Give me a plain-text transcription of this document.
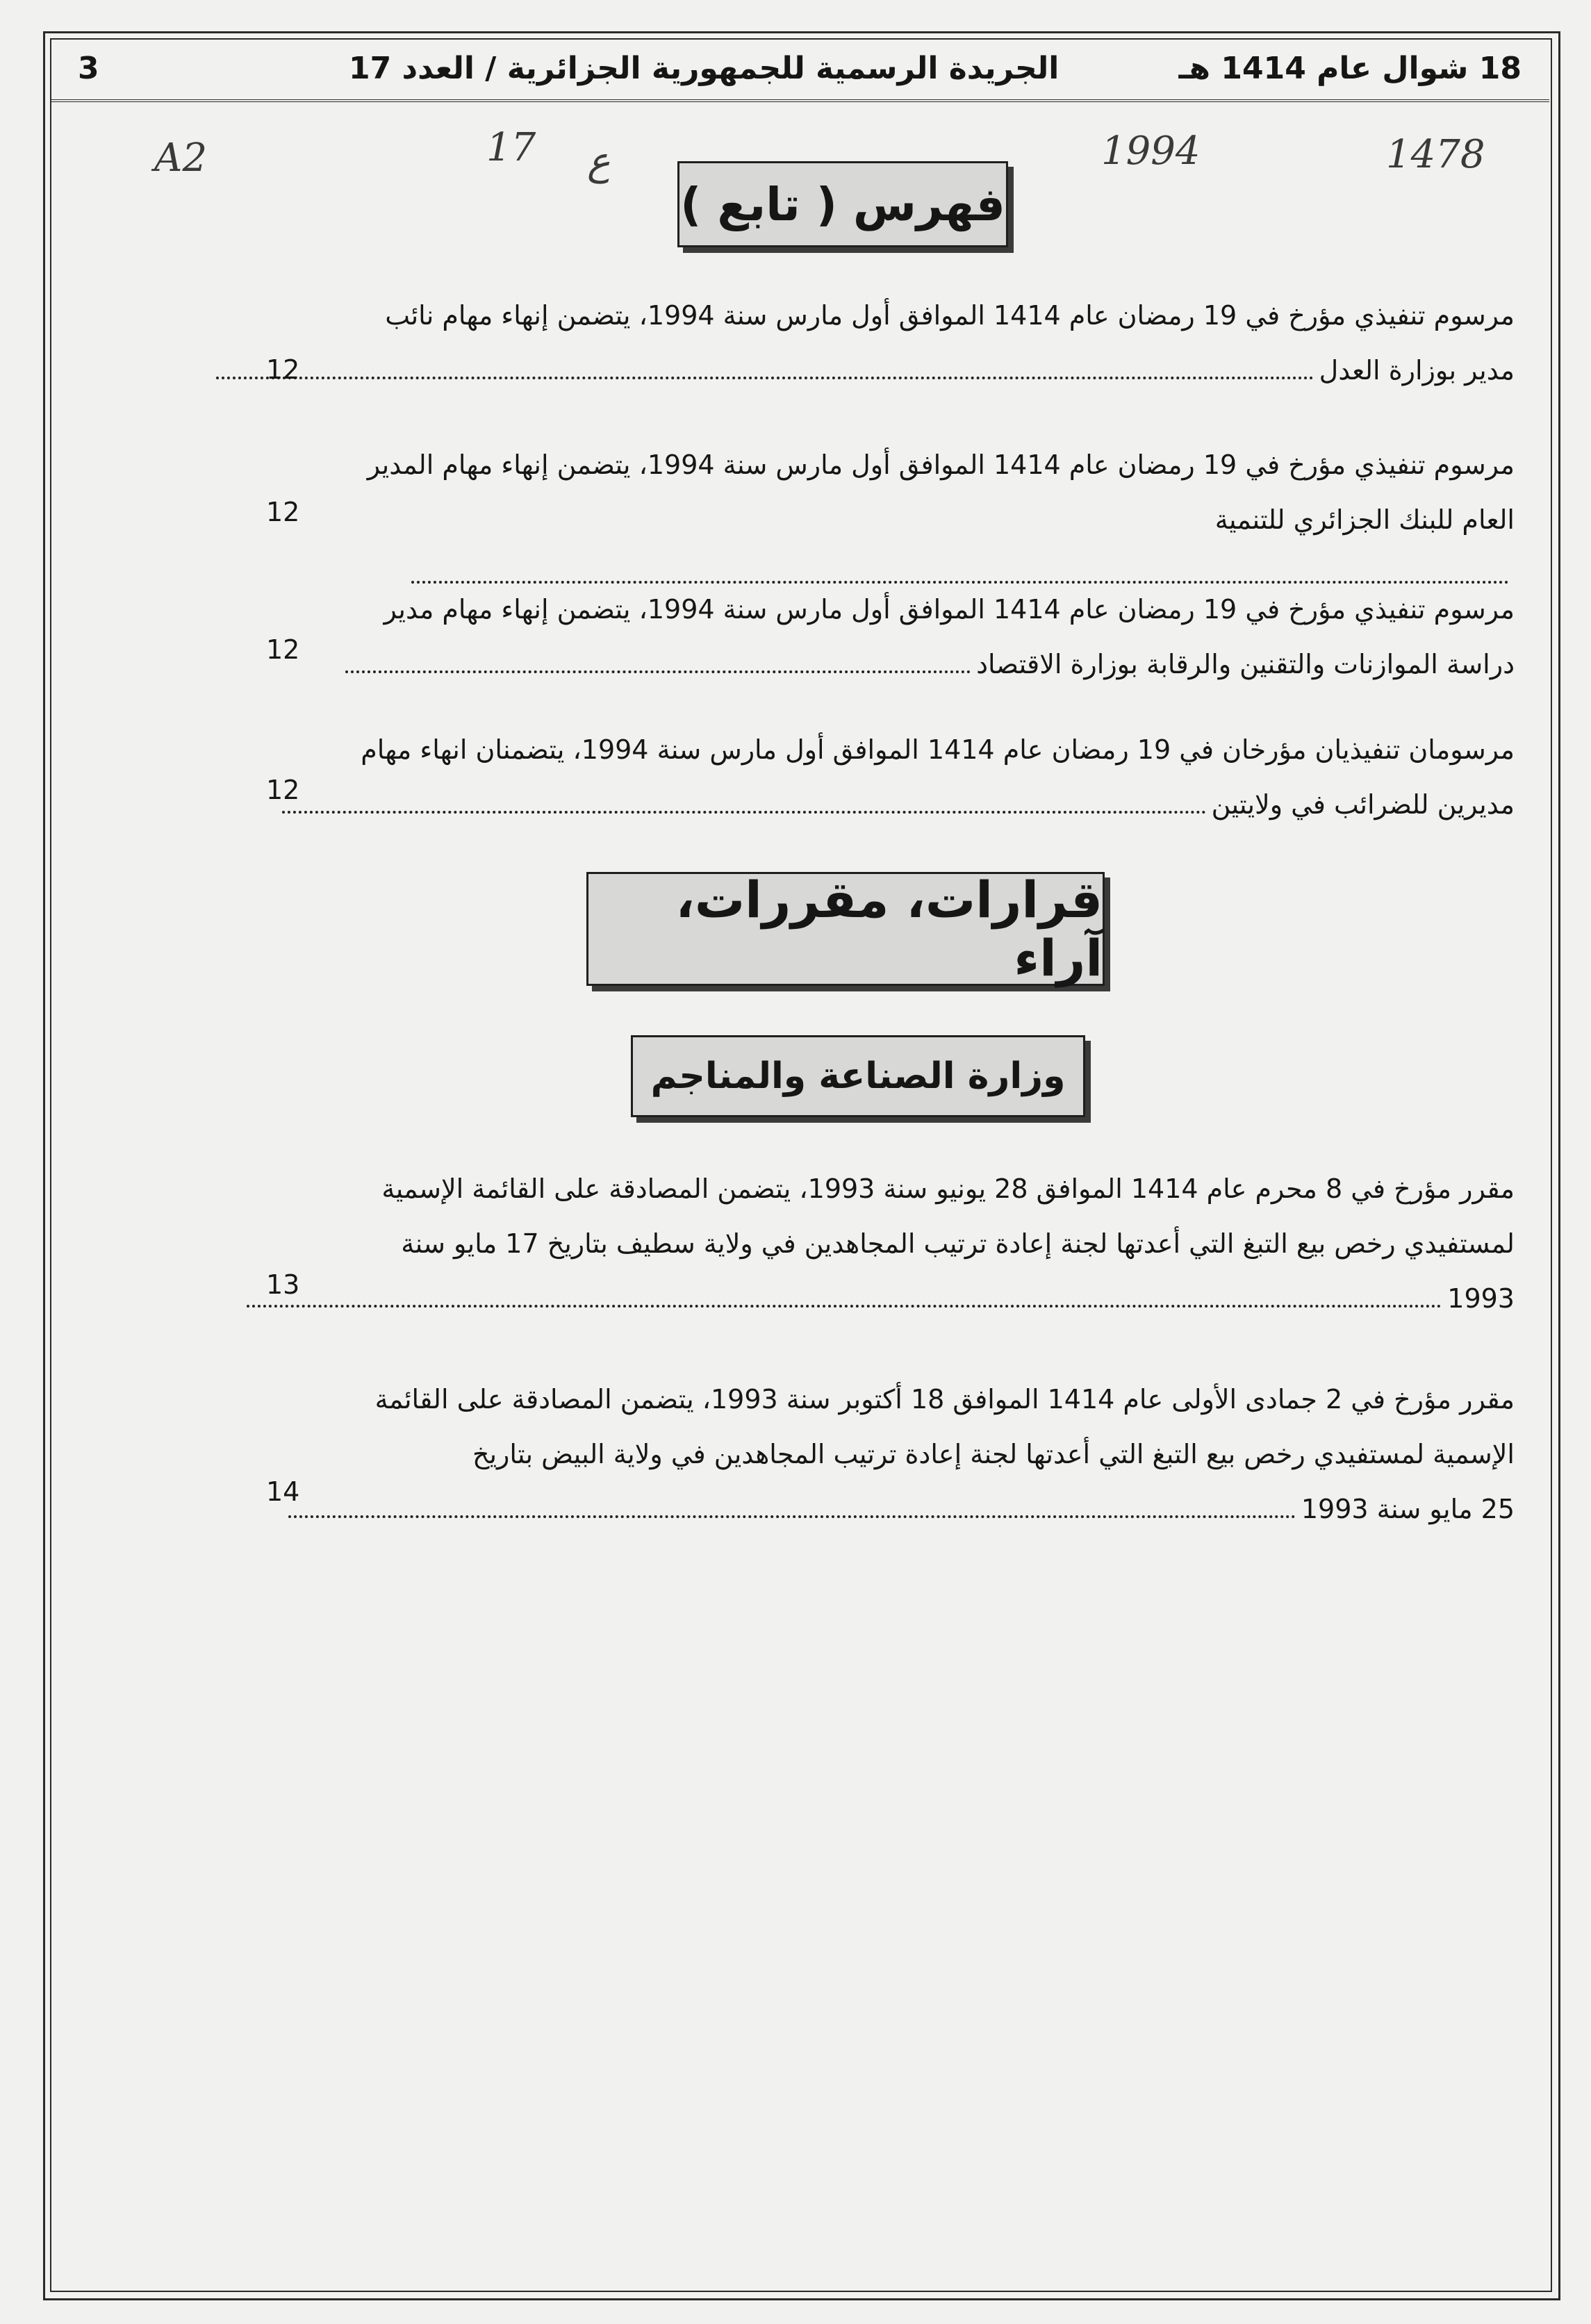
3	الجريدة الرسمية للجمهورية الجزائرية / العدد 17	18 شوال عام 1414 هـ
A2	17 ع	1994	1478
فهرس ( تابع )
مرسوم تنفيذي مؤرخ في 19 رمضان عام 1414 الموافق أول مارس سنة 1994، يتضمن إنهاء مهام نائب
مدير بوزارة العدل
12
مرسوم تنفيذي مؤرخ في 19 رمضان عام 1414 الموافق أول مارس سنة 1994، يتضمن إنهاء مهام المدير
العام للبنك الجزائري للتنمية
12
مرسوم تنفيذي مؤرخ في 19 رمضان عام 1414 الموافق أول مارس سنة 1994، يتضمن إنهاء مهام مدير
دراسة الموازنات والتقنين والرقابة بوزارة الاقتصاد
12
مرسومان تنفيذيان مؤرخان في 19 رمضان عام 1414 الموافق أول مارس سنة 1994، يتضمنان انهاء مهام
مديرين للضرائب في ولايتين
12
قرارات، مقررات، آراء
وزارة الصناعة والمناجم
مقرر مؤرخ في 8 محرم عام 1414 الموافق 28 يونيو سنة 1993، يتضمن المصادقة على القائمة الإسمية
لمستفيدي رخص بيع التبغ التي أعدتها لجنة إعادة ترتيب المجاهدين في ولاية سطيف بتاريخ 17 مايو سنة
1993
13
مقرر مؤرخ في 2 جمادى الأولى عام 1414 الموافق 18 أكتوبر سنة 1993، يتضمن المصادقة على القائمة
الإسمية لمستفيدي رخص بيع التبغ التي أعدتها لجنة إعادة ترتيب المجاهدين في ولاية البيض بتاريخ
25 مايو سنة 1993
14
